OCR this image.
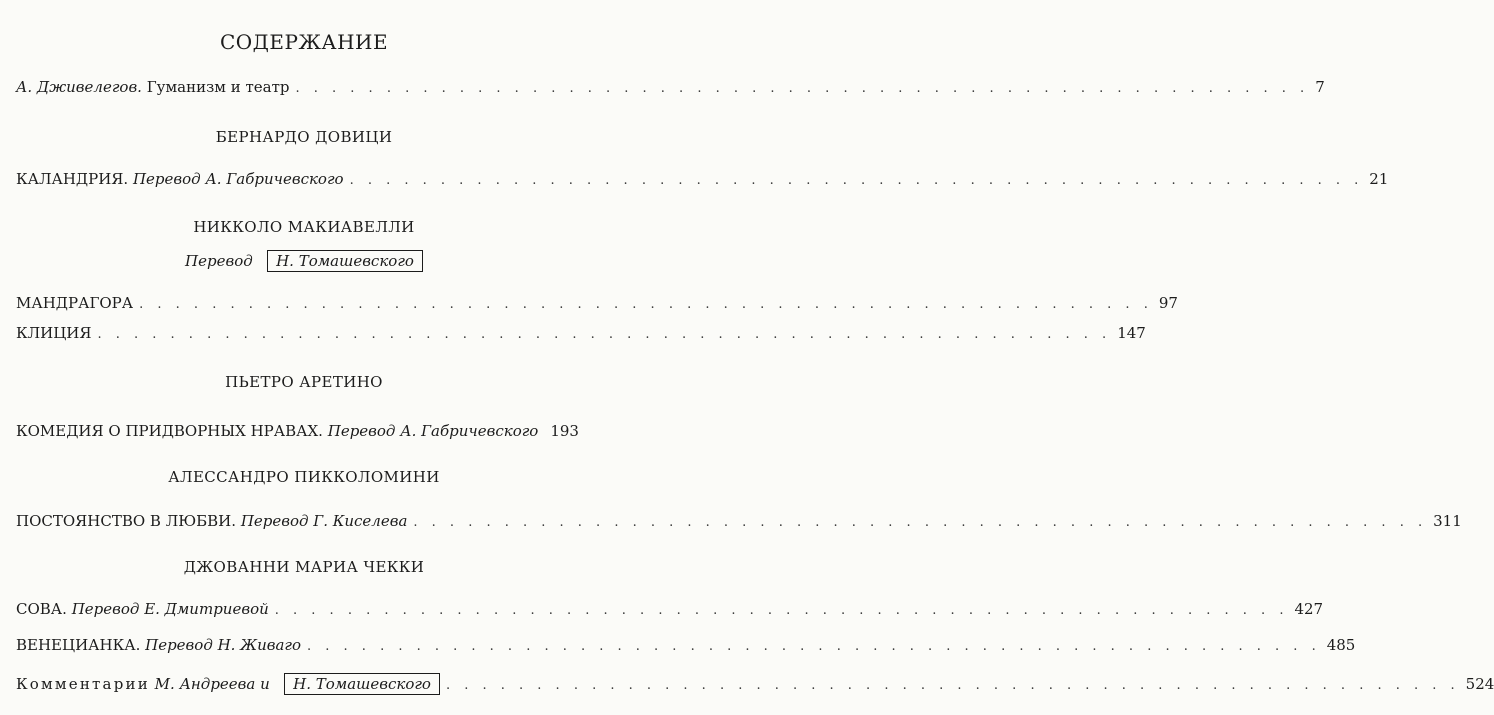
СОДЕРЖАНИЕ
А. Дживелегов. Гуманизм и театр . . . . . . . . . . . . . . . . . . . . . . . . . . . . . . . . . . . . . . . . . . . . . . . . . . . . . . . . 7
БЕРНАРДО ДОВИЦИ
КАЛАНДРИЯ. Перевод А. Габричевского . . . . . . . . . . . . . . . . . . . . . . . . . . . . . . . . . . . . . . . . . . . . . . . . . . . . . . . . 21
НИККОЛО МАКИАВЕЛЛИ
Перевод Н. Томашевского
МАНДРАГОРА . . . . . . . . . . . . . . . . . . . . . . . . . . . . . . . . . . . . . . . . . . . . . . . . . . . . . . . . 97
КЛИЦИЯ . . . . . . . . . . . . . . . . . . . . . . . . . . . . . . . . . . . . . . . . . . . . . . . . . . . . . . . . 147
ПЬЕТРО АРЕТИНО
КОМЕДИЯ О ПРИДВОРНЫХ НРАВАХ. Перевод А. Габричевского 193
АЛЕССАНДРО ПИККОЛОМИНИ
ПОСТОЯНСТВО В ЛЮБВИ. Перевод Г. Киселева . . . . . . . . . . . . . . . . . . . . . . . . . . . . . . . . . . . . . . . . . . . . . . . . . . . . . . . . 311
ДЖОВАННИ МАРИА ЧЕККИ
СОВА. Перевод Е. Дмитриевой . . . . . . . . . . . . . . . . . . . . . . . . . . . . . . . . . . . . . . . . . . . . . . . . . . . . . . . . 427
ВЕНЕЦИАНКА. Перевод Н. Живаго . . . . . . . . . . . . . . . . . . . . . . . . . . . . . . . . . . . . . . . . . . . . . . . . . . . . . . . . 485
Комментарии М. Андреева и Н. Томашевского	. . . . . . . . . . . . . . . . . . . . . . . . . . . . . . . . . . . . . . . . . . . . . . . . . . . . . . . . 524
